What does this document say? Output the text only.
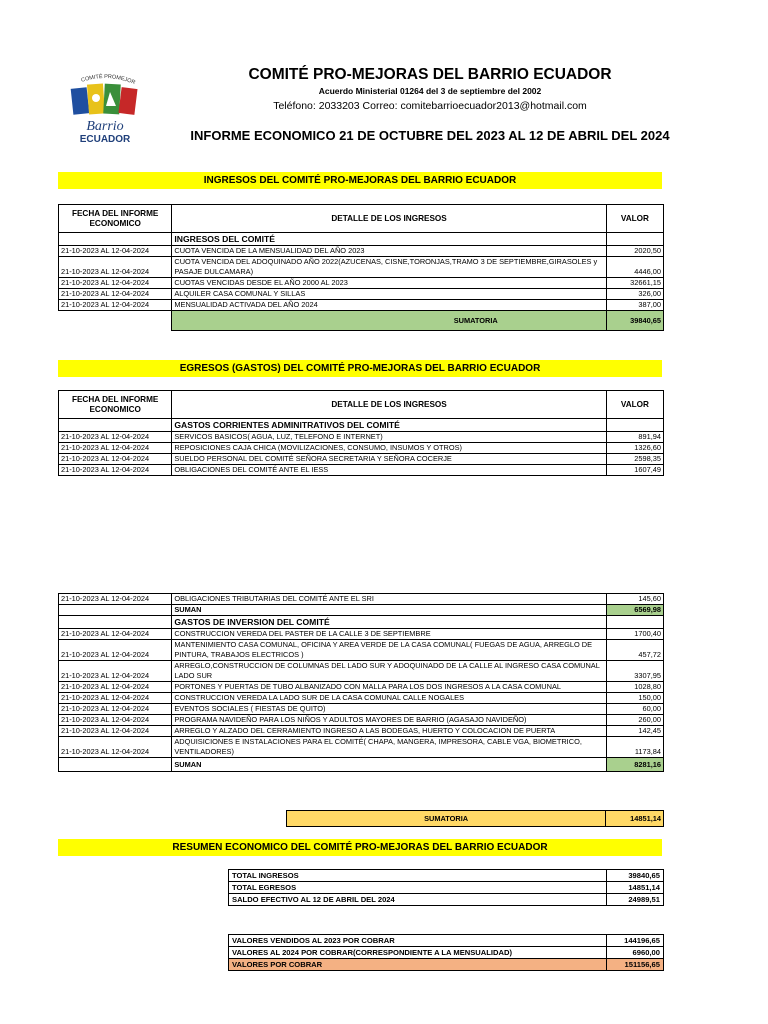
COMITÉ PROMEJOR
Barrio
ECUADOR
COMITÉ PRO-MEJORAS DEL BARRIO ECUADOR
Acuerdo Ministerial 01264 del 3 de septiembre del 2002
Teléfono: 2033203 Correo: comitebarrioecuador2013@hotmail.com
INFORME ECONOMICO 21 DE OCTUBRE DEL 2023 AL 12 DE ABRIL DEL 2024
INGRESOS DEL COMITÉ PRO-MEJORAS DEL BARRIO ECUADOR
FECHA DEL INFORME ECONOMICO	DETALLE DE LOS INGRESOS	VALOR
	INGRESOS DEL COMITÉ	
21-10-2023 AL 12-04-2024	CUOTA VENCIDA DE LA MENSUALIDAD DEL AÑO 2023	2020,50
21-10-2023 AL 12-04-2024	CUOTA VENCIDA DEL ADOQUINADO AÑO 2022(AZUCENAS, CISNE,TORONJAS,TRAMO 3 DE SEPTIEMBRE,GIRASOLES y PASAJE DULCAMARA)	4446,00
21-10-2023 AL 12-04-2024	CUOTAS VENCIDAS DESDE EL AÑO 2000 AL 2023	32661,15
21-10-2023 AL 12-04-2024	ALQUILER CASA COMUNAL Y SILLAS	326,00
21-10-2023 AL 12-04-2024	MENSUALIDAD ACTIVADA DEL AÑO 2024	387,00
	SUMATORIA	39840,65
EGRESOS (GASTOS) DEL COMITÉ PRO-MEJORAS DEL BARRIO ECUADOR
FECHA DEL INFORME ECONOMICO	DETALLE DE LOS INGRESOS	VALOR
	GASTOS CORRIENTES ADMINITRATIVOS DEL COMITÉ	
21-10-2023 AL 12-04-2024	SERVICOS BASICOS( AGUA, LUZ, TELEFONO E INTERNET)	891,94
21-10-2023 AL 12-04-2024	REPOSICIONES CAJA CHICA (MOVILIZACIONES, CONSUMO, INSUMOS Y OTROS)	1326,60
21-10-2023 AL 12-04-2024	SUELDO PERSONAL DEL COMITÉ SEÑORA SECRETARIA Y SEÑORA COCERJE	2598,35
21-10-2023 AL 12-04-2024	OBLIGACIONES DEL COMITÉ ANTE EL IESS	1607,49
21-10-2023 AL 12-04-2024	OBLIGACIONES TRIBUTARIAS DEL COMITÉ ANTE EL SRI	145,60
	SUMAN	6569,98
	GASTOS DE INVERSION DEL COMITÉ	
21-10-2023 AL 12-04-2024	CONSTRUCCION VEREDA DEL PASTER DE LA CALLE 3 DE SEPTIEMBRE	1700,40
21-10-2023 AL 12-04-2024	MANTENIMIENTO CASA COMUNAL, OFICINA Y AREA VERDE DE LA CASA COMUNAL( FUEGAS DE AGUA, ARREGLO DE PINTURA, TRABAJOS ELECTRICOS )	457,72
21-10-2023 AL 12-04-2024	ARREGLO,CONSTRUCCION DE COLUMNAS DEL LADO SUR Y ADOQUINADO DE LA CALLE AL INGRESO CASA COMUNAL LADO SUR	3307,95
21-10-2023 AL 12-04-2024	PORTONES Y PUERTAS DE TUBO ALBANIZADO CON MALLA PARA LOS DOS INGRESOS A LA CASA COMUNAL	1028,80
21-10-2023 AL 12-04-2024	CONSTRUCCION VEREDA LA LADO SUR DE LA CASA COMUNAL CALLE NOGALES	150,00
21-10-2023 AL 12-04-2024	EVENTOS SOCIALES ( FIESTAS DE QUITO)	60,00
21-10-2023 AL 12-04-2024	PROGRAMA NAVIDEÑO PARA LOS NIÑOS Y ADULTOS MAYORES DE BARRIO (AGASAJO NAVIDEÑO)	260,00
21-10-2023 AL 12-04-2024	ARREGLO Y ALZADO DEL CERRAMIENTO INGRESO A LAS BODEGAS, HUERTO Y COLOCACION DE PUERTA	142,45
21-10-2023 AL 12-04-2024	ADQUISICIONES E INSTALACIONES PARA EL COMITÉ( CHAPA, MANGERA, IMPRESORA, CABLE VGA, BIOMETRICO, VENTILADORES)	1173,84
	SUMAN	8281,16
SUMATORIA	14851,14
RESUMEN ECONOMICO DEL COMITÉ PRO-MEJORAS DEL BARRIO ECUADOR
TOTAL INGRESOS	39840,65
TOTAL EGRESOS	14851,14
SALDO EFECTIVO AL 12 DE ABRIL DEL 2024	24989,51
VALORES VENDIDOS AL 2023 POR COBRAR	144196,65
VALORES AL 2024 POR COBRAR(CORRESPONDIENTE A LA MENSUALIDAD)	6960,00
VALORES POR COBRAR	151156,65
